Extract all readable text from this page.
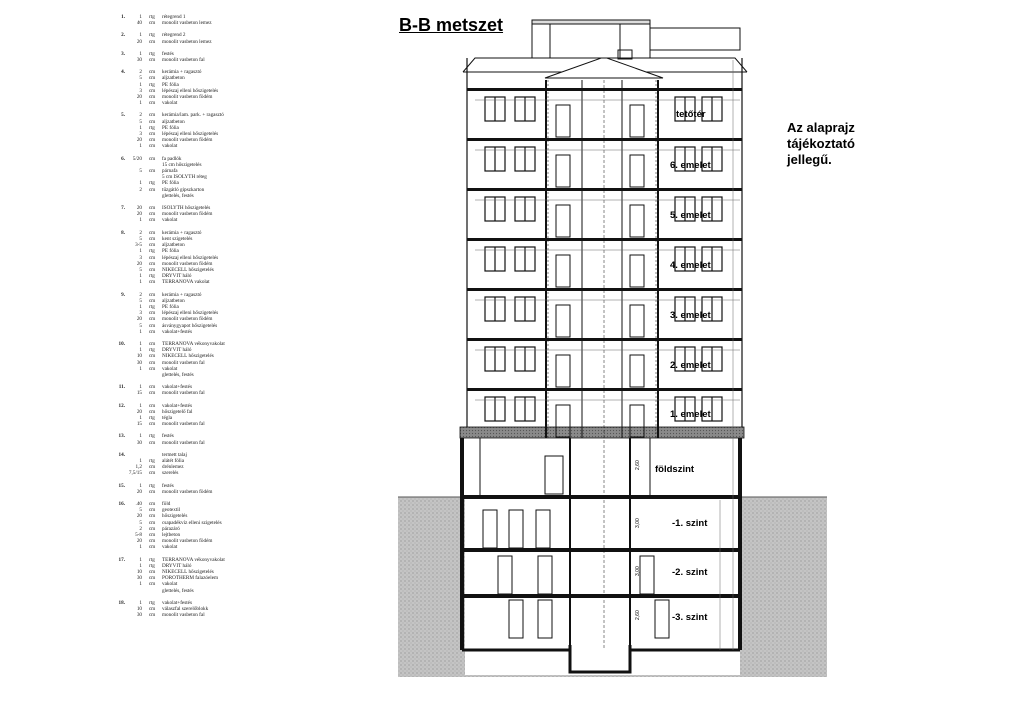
1.	1	rtg	rétegrend 1
40	cm	monolit vasbeton lemez
2.	1	rtg	rétegrend 2
20	cm	monolit vasbeton lemez
3.	1	rtg	festés
30	cm	monolit vasbeton fal
4.	2	cm	kerámia + ragasztó
5	cm	aljzatbeton
1	rtg	PE fólia
3	cm	lépészaj elleni hőszigetelés
20	cm	monolit vasbeton födém
1	cm	vakolat
5.	2	cm	kerámia/lam. park. + ragasztó
5	cm	aljzatbeton
1	rtg	PE fólia
3	cm	lépészaj elleni hőszigetelés
20	cm	monolit vasbeton födém
1	cm	vakolat
6.	5/20	cm	fa padlók
15 cm hőszigetelés
5	cm	párnafa
5 cm ISOLYTH réteg
1	rtg	PE fólia
2	cm	tűzgátló gipszkarton
glettelés, festés
7.	20	cm	ISOLYTH hőszigetelés
20	cm	monolit vasbeton födém
1	cm	vakolat
8.	2	cm	kerámia + ragasztó
5	cm	kent szigetelés
3-5	cm	aljzatbeton
1	rtg	PE fólia
3	cm	lépészaj elleni hőszigetelés
20	cm	monolit vasbeton födém
5	cm	NIKECELL hőszigetelés
1	rtg	DRYVIT háló
1	cm	TERRANOVA vakolat
9.	2	cm	kerámia + ragasztó
5	cm	aljzatbeton
1	rtg	PE fólia
3	cm	lépészaj elleni hőszigetelés
20	cm	monolit vasbeton födém
5	cm	ásványgyapot hőszigetelés
1	cm	vakolat+festés
10.	1	cm	TERRANOVA vékonyvakolat
1	rtg	DRYVIT háló
10	cm	NIKECELL hőszigetelés
30	cm	monolit vasbeton fal
1	cm	vakolat
glettelés, festés
11.	1	cm	vakolat+festés
15	cm	monolit vasbeton fal
12.	1	cm	vakolat+festés
20	cm	hőszigetelő fal
1	rtg	tégla
15	cm	monolit vasbeton fal
13.	1	rtg	festés
30	cm	monolit vasbeton fal
14.	termett talaj
1	rtg	alátét fólia
1,2	cm	drénlemez
7,5/15	cm	szerelés
15.	1	rtg	festés
20	cm	monolit vasbeton födém
16.	.40	cm	föld
5	cm	geotextil
20	cm	hőszigetelés
5	cm	csapadékvíz elleni szigetelés
2	cm	párazáró
5-8	cm	lejtbeton
20	cm	monolit vasbeton födém
1	cm	vakolat
17.	1	rtg	TERRANOVA vékonyvakolat
1	rtg	DRYVIT háló
10	cm	NIKECELL hőszigetelés
30	cm	POROTHERM falazóelem
1	cm	vakolat
glettelés, festés
18.	1	rtg	vakolat+festés
10	cm	válaszfal szerelőblokk
30	cm	monolit vasbeton fal
B-B metszet
Az alaprajz
tájékoztató
jellegű.
tetőtér
6. emelet
5. emelet
4. emelet
3. emelet
2. emelet
1. emelet
földszint
-1. szint
-2. szint
-3. szint
2,60
3,00
3,00
2,60
